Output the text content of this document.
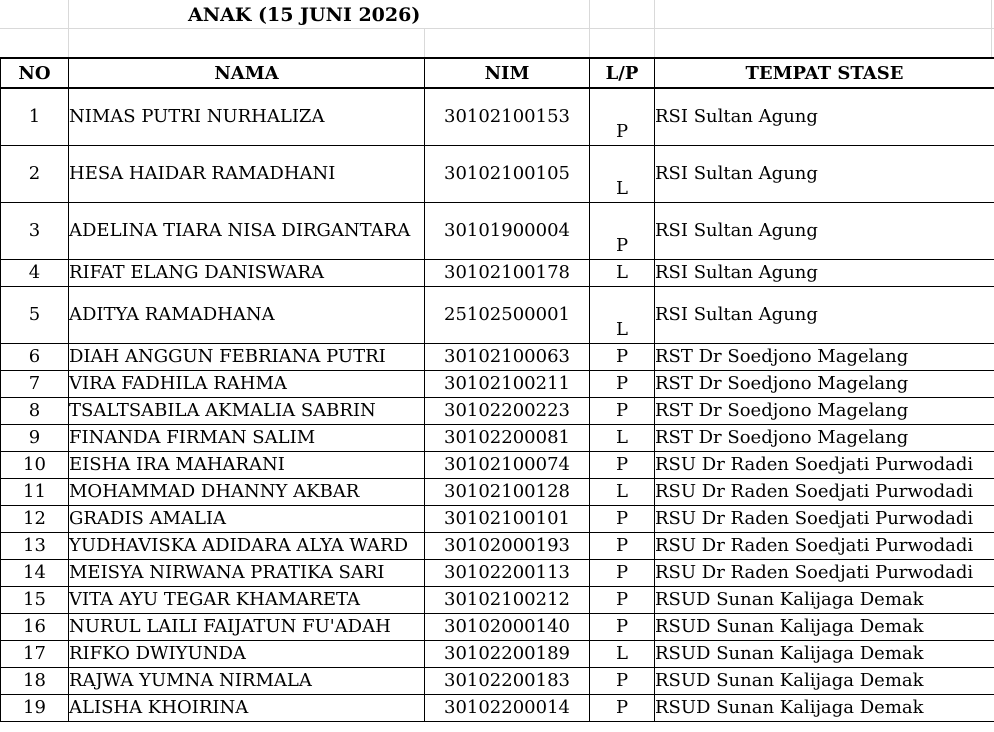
ANAK (15 JUNI 2026)
NO	NAMA	NIM	L/P	TEMPAT STASE
1	NIMAS PUTRI NURHALIZA	30102100153	P	RSI Sultan Agung
2	HESA HAIDAR RAMADHANI	30102100105	L	RSI Sultan Agung
3	ADELINA TIARA NISA DIRGANTARA	30101900004	P	RSI Sultan Agung
4	RIFAT ELANG DANISWARA	30102100178	L	RSI Sultan Agung
5	ADITYA RAMADHANA	25102500001	L	RSI Sultan Agung
6	DIAH ANGGUN FEBRIANA PUTRI	30102100063	P	RST Dr Soedjono Magelang
7	VIRA FADHILA RAHMA	30102100211	P	RST Dr Soedjono Magelang
8	TSALTSABILA AKMALIA SABRIN	30102200223	P	RST Dr Soedjono Magelang
9	FINANDA FIRMAN SALIM	30102200081	L	RST Dr Soedjono Magelang
10	EISHA IRA MAHARANI	30102100074	P	RSU Dr Raden Soedjati Purwodadi
11	MOHAMMAD DHANNY AKBAR	30102100128	L	RSU Dr Raden Soedjati Purwodadi
12	GRADIS AMALIA	30102100101	P	RSU Dr Raden Soedjati Purwodadi
13	YUDHAVISKA ADIDARA ALYA WARD	30102000193	P	RSU Dr Raden Soedjati Purwodadi
14	MEISYA NIRWANA PRATIKA SARI	30102200113	P	RSU Dr Raden Soedjati Purwodadi
15	VITA AYU TEGAR KHAMARETA	30102100212	P	RSUD Sunan Kalijaga Demak
16	NURUL LAILI FAIJATUN FU'ADAH	30102000140	P	RSUD Sunan Kalijaga Demak
17	RIFKO DWIYUNDA	30102200189	L	RSUD Sunan Kalijaga Demak
18	RAJWA YUMNA NIRMALA	30102200183	P	RSUD Sunan Kalijaga Demak
19	ALISHA KHOIRINA	30102200014	P	RSUD Sunan Kalijaga Demak
